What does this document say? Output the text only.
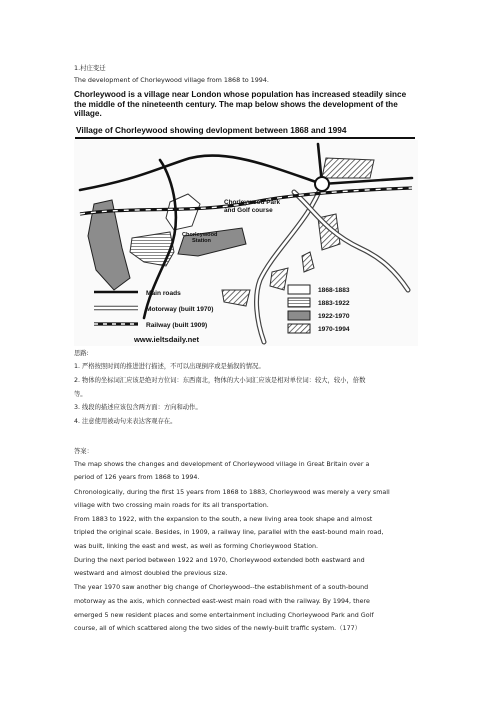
1.村庄变迁
The development of Chorleywood village from 1868 to 1994.
Chorleywood is a village near London whose population has increased steadily since the middle of the nineteenth century. The map below shows the development of the village.
Village of Chorleywood showing devlopment between 1868 and 1994
Chorleywood Park
and Golf course
Chorleywood
Station
Main roads
Motorway (built 1970)
Railway (built 1909)
1868-1883
1883-1922
1922-1970
1970-1994
www.ieltsdaily.net
思路:
1. 严格按照时间的推进进行描述，不可以出现倒序或是插叙的情况。
2. 物体的坐标词汇应该是绝对方位词：东西南北，物体的大小词汇应该是相对单位词：较大，较小，倍数
等。
3. 线段的描述应该包含两方面：方向和动作。
4. 注意使用被动句来表达客观存在。
答案：
The map shows the changes and development of Chorleywood village in Great Britain over a
period of 126 years from 1868 to 1994.
Chronologically, during the first 15 years from 1868 to 1883, Chorleywood was merely a very small
village with two crossing main roads for its all transportation.
From 1883 to 1922, with the expansion to the south, a new living area took shape and almost
tripled the original scale. Besides, in 1909, a railway line, parallel with the east-bound main road,
was built, linking the east and west, as well as forming Chorleywood Station.
During the next period between 1922 and 1970, Chorleywood extended both eastward and
westward and almost doubled the previous size.
The year 1970 saw another big change of Chorleywood--the establishment of a south-bound
motorway as the axis, which connected east-west main road with the railway. By 1994, there
emerged 5 new resident places and some entertainment including Chorleywood Park and Golf
course, all of which scattered along the two sides of the newly-built traffic system.（177）
